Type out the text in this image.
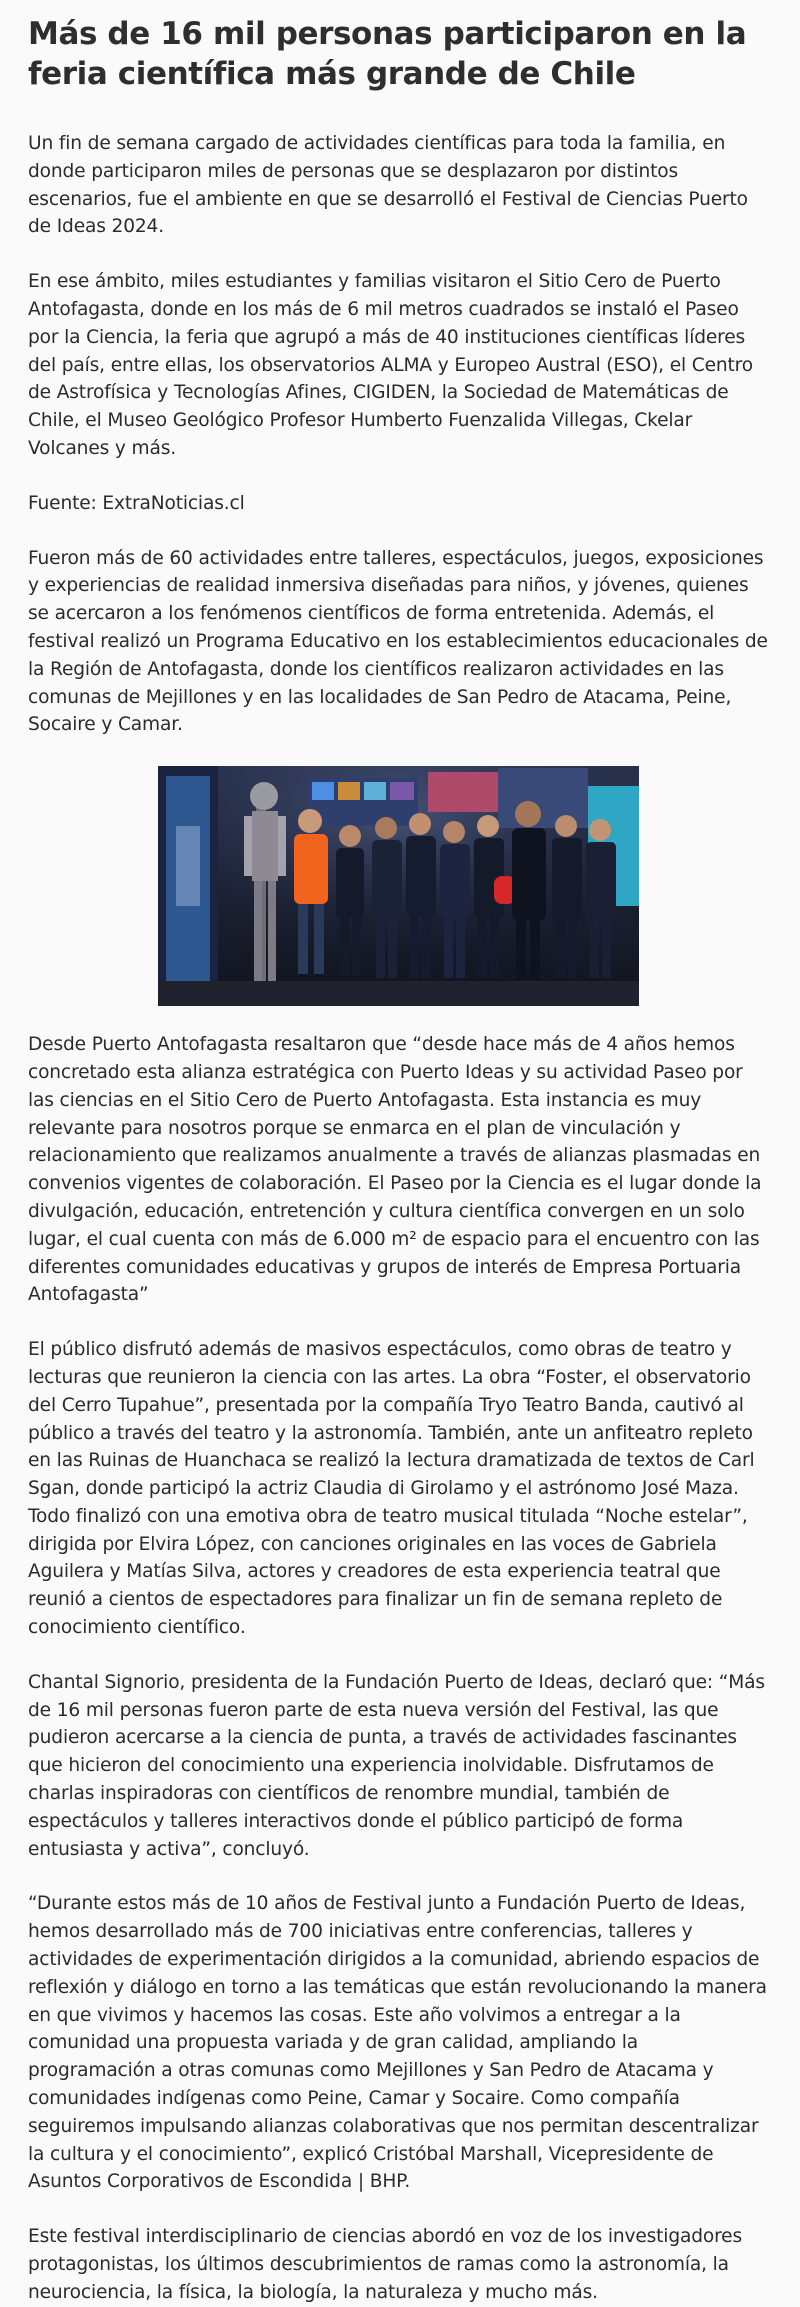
Más de 16 mil personas participaron en la feria científica más grande de Chile

Un fin de semana cargado de actividades científicas para toda la familia, en donde participaron miles de personas que se desplazaron por distintos escenarios, fue el ambiente en que se desarrolló el Festival de Ciencias Puerto de Ideas 2024.

En ese ámbito, miles estudiantes y familias visitaron el Sitio Cero de Puerto Antofagasta, donde en los más de 6 mil metros cuadrados se instaló el Paseo por la Ciencia, la feria que agrupó a más de 40 instituciones científicas líderes del país, entre ellas, los observatorios ALMA y Europeo Austral (ESO), el Centro de Astrofísica y Tecnologías Afines, CIGIDEN, la Sociedad de Matemáticas de Chile, el Museo Geológico Profesor Humberto Fuenzalida Villegas, Ckelar Volcanes y más.

Fuente: ExtraNoticias.cl

Fueron más de 60 actividades entre talleres, espectáculos, juegos, exposiciones y experiencias de realidad inmersiva diseñadas para niños, y jóvenes, quienes se acercaron a los fenómenos científicos de forma entretenida. Además, el festival realizó un Programa Educativo en los establecimientos educacionales de la Región de Antofagasta, donde los científicos realizaron actividades en las comunas de Mejillones y en las localidades de San Pedro de Atacama, Peine, Socaire y Camar.

Desde Puerto Antofagasta resaltaron que “desde hace más de 4 años hemos concretado esta alianza estratégica con Puerto Ideas y su actividad Paseo por las ciencias en el Sitio Cero de Puerto Antofagasta. Esta instancia es muy relevante para nosotros porque se enmarca en el plan de vinculación y relacionamiento que realizamos anualmente a través de alianzas plasmadas en convenios vigentes de colaboración. El Paseo por la Ciencia es el lugar donde la divulgación, educación, entretención y cultura científica convergen en un solo lugar, el cual cuenta con más de 6.000 m² de espacio para el encuentro con las diferentes comunidades educativas y grupos de interés de Empresa Portuaria Antofagasta”

El público disfrutó además de masivos espectáculos, como obras de teatro y lecturas que reunieron la ciencia con las artes. La obra “Foster, el observatorio del Cerro Tupahue”, presentada por la compañía Tryo Teatro Banda, cautivó al público a través del teatro y la astronomía. También, ante un anfiteatro repleto en las Ruinas de Huanchaca se realizó la lectura dramatizada de textos de Carl Sgan, donde participó la actriz Claudia di Girolamo y el astrónomo José Maza. Todo finalizó con una emotiva obra de teatro musical titulada “Noche estelar”, dirigida por Elvira López, con canciones originales en las voces de Gabriela Aguilera y Matías Silva, actores y creadores de esta experiencia teatral que reunió a cientos de espectadores para finalizar un fin de semana repleto de conocimiento científico.

Chantal Signorio, presidenta de la Fundación Puerto de Ideas, declaró que: “Más de 16 mil personas fueron parte de esta nueva versión del Festival, las que pudieron acercarse a la ciencia de punta, a través de actividades fascinantes que hicieron del conocimiento una experiencia inolvidable. Disfrutamos de charlas inspiradoras con científicos de renombre mundial, también de espectáculos y talleres interactivos donde el público participó de forma entusiasta y activa”, concluyó.

“Durante estos más de 10 años de Festival junto a Fundación Puerto de Ideas, hemos desarrollado más de 700 iniciativas entre conferencias, talleres y actividades de experimentación dirigidos a la comunidad, abriendo espacios de reflexión y diálogo en torno a las temáticas que están revolucionando la manera en que vivimos y hacemos las cosas. Este año volvimos a entregar a la comunidad una propuesta variada y de gran calidad, ampliando la programación a otras comunas como Mejillones y San Pedro de Atacama y comunidades indígenas como Peine, Camar y Socaire. Como compañía seguiremos impulsando alianzas colaborativas que nos permitan descentralizar la cultura y el conocimiento”, explicó Cristóbal Marshall, Vicepresidente de Asuntos Corporativos de Escondida | BHP.

Este festival interdisciplinario de ciencias abordó en voz de los investigadores protagonistas, los últimos descubrimientos de ramas como la astronomía, la neurociencia, la física, la biología, la naturaleza y mucho más.
